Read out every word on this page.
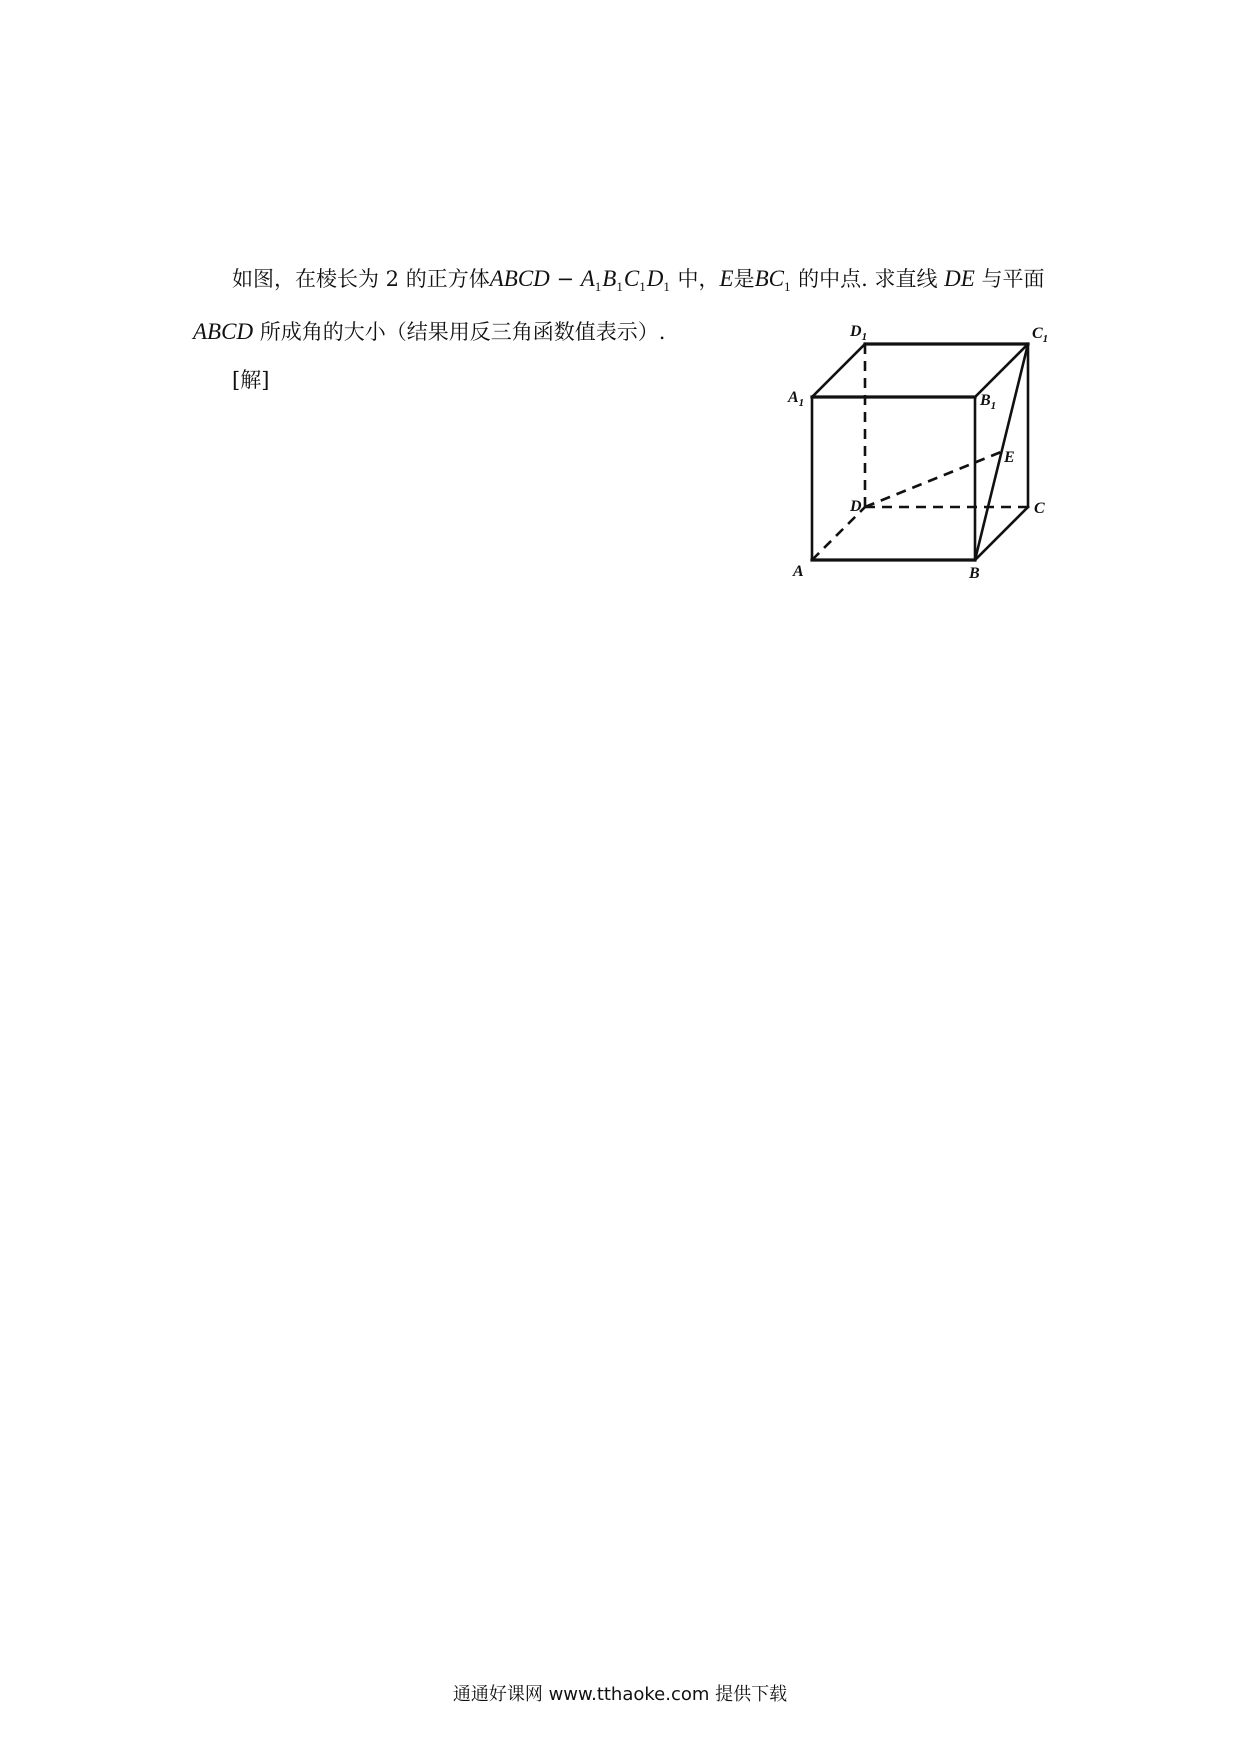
如图，在棱长为 2 的正方体ABCD − $A_1B_1C_1D_1$ 中，E是$BC_1$ 的中点. 求直线 DE 与平面
ABCD 所成角的大小（结果用反三角函数值表示）.
[解]
$D_1$	$C_1$
$A_1$	$B_1$
E
D	C
A	B
通通好课网 www.tthaoke.com 提供下载
